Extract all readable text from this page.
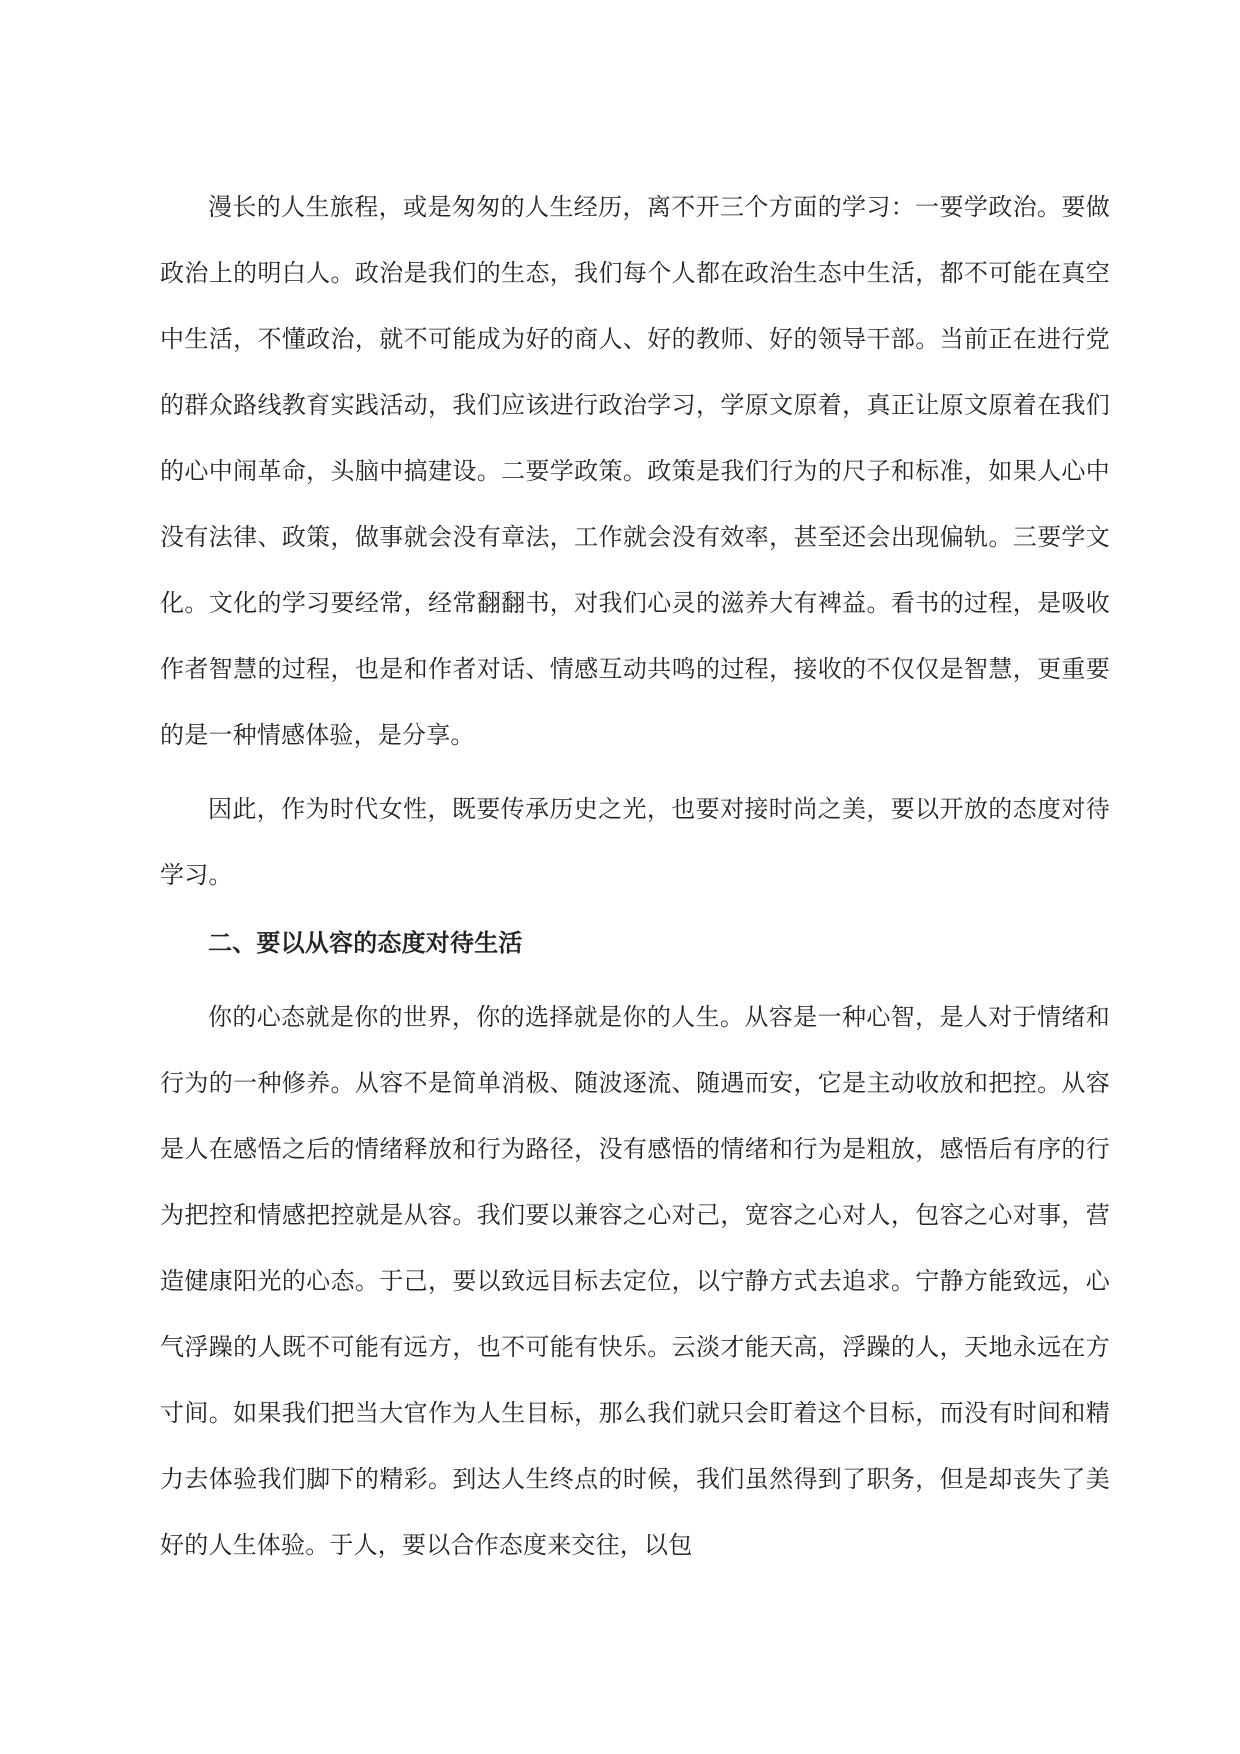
漫长的人生旅程，或是匆匆的人生经历，离不开三个方面的学习：一要学政治。要做政治上的明白人。政治是我们的生态，我们每个人都在政治生态中生活，都不可能在真空中生活，不懂政治，就不可能成为好的商人、好的教师、好的领导干部。当前正在进行党的群众路线教育实践活动，我们应该进行政治学习，学原文原着，真正让原文原着在我们的心中闹革命，头脑中搞建设。二要学政策。政策是我们行为的尺子和标准，如果人心中没有法律、政策，做事就会没有章法，工作就会没有效率，甚至还会出现偏轨。三要学文化。文化的学习要经常，经常翻翻书，对我们心灵的滋养大有裨益。看书的过程，是吸收作者智慧的过程，也是和作者对话、情感互动共鸣的过程，接收的不仅仅是智慧，更重要的是一种情感体验，是分享。

因此，作为时代女性，既要传承历史之光，也要对接时尚之美，要以开放的态度对待学习。

二、要以从容的态度对待生活

你的心态就是你的世界，你的选择就是你的人生。从容是一种心智，是人对于情绪和行为的一种修养。从容不是简单消极、随波逐流、随遇而安，它是主动收放和把控。从容是人在感悟之后的情绪释放和行为路径，没有感悟的情绪和行为是粗放，感悟后有序的行为把控和情感把控就是从容。我们要以兼容之心对己，宽容之心对人，包容之心对事，营造健康阳光的心态。于己，要以致远目标去定位，以宁静方式去追求。宁静方能致远，心气浮躁的人既不可能有远方，也不可能有快乐。云淡才能天高，浮躁的人，天地永远在方寸间。如果我们把当大官作为人生目标，那么我们就只会盯着这个目标，而没有时间和精力去体验我们脚下的精彩。到达人生终点的时候，我们虽然得到了职务，但是却丧失了美好的人生体验。于人，要以合作态度来交往，以包
